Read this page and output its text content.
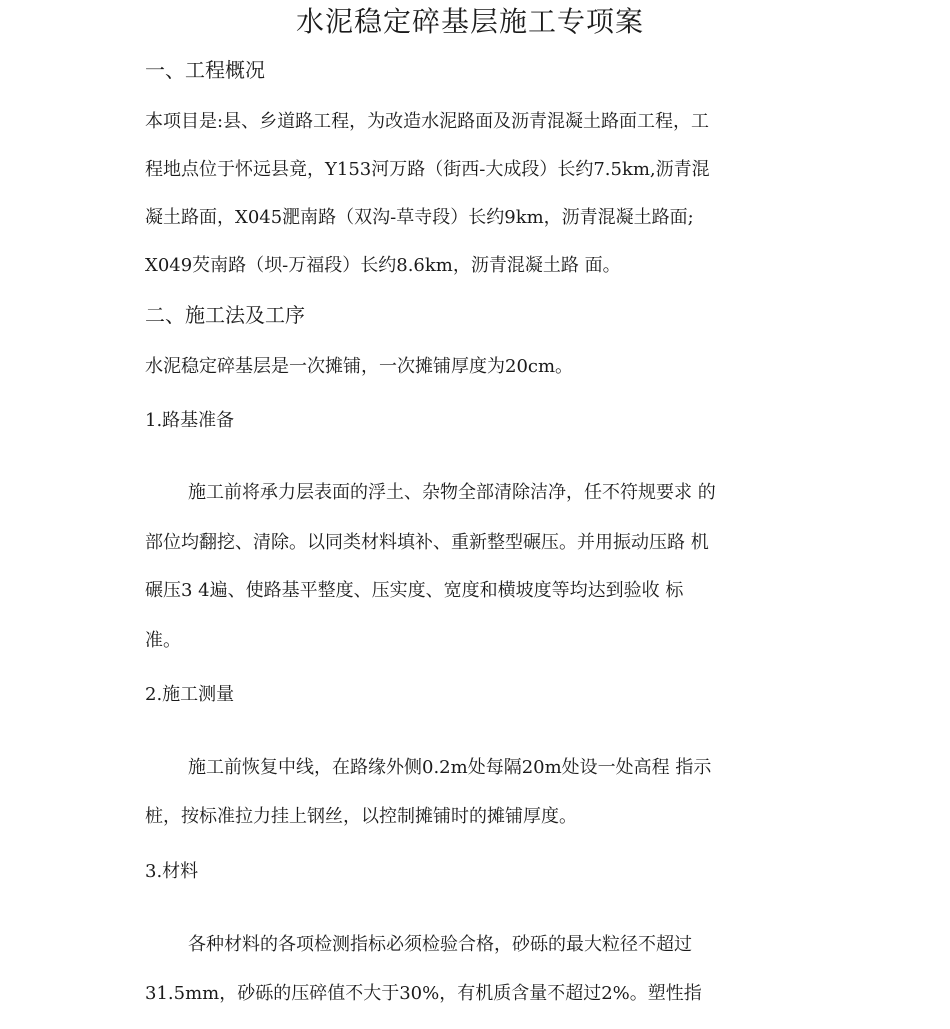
水泥稳定碎基层施工专项案
一、工程概况
本项目是:县、乡道路工程，为改造水泥路面及沥青混凝土路面工程，工
程地点位于怀远县竟，Y153河万路（街西-大成段）长约7.5km,沥青混
凝土路面，X045淝南路（双沟-草寺段）长约9km，沥青混凝土路面;
X049芡南路（坝-万福段）长约8.6km，沥青混凝土路 面。
二、施工法及工序
水泥稳定碎基层是一次摊铺，一次摊铺厚度为20cm。
1.路基准备
施工前将承力层表面的浮土、杂物全部清除洁净，任不符规要求 的
部位均翻挖、清除。以同类材料填补、重新整型碾压。并用振动压路 机
碾压3 4遍、使路基平整度、压实度、宽度和横坡度等均达到验收 标
准。
2.施工测量
施工前恢复中线，在路缘外侧0.2m处每隔20m处设一处高程 指示
桩，按标准拉力挂上钢丝，以控制摊铺时的摊铺厚度。
3.材料
各种材料的各项检测指标必须检验合格，砂砾的最大粒径不超过
31.5mm，砂砾的压碎值不大于30%，有机质含量不超过2%。塑性指
